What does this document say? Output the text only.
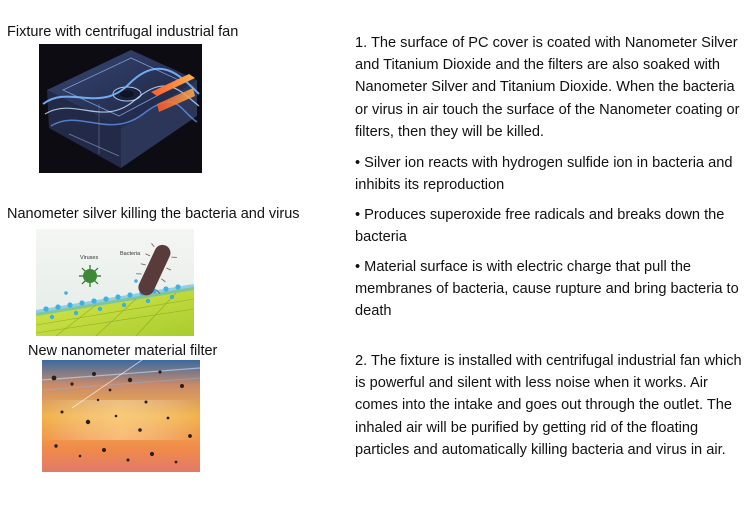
Fixture with centrifugal industrial fan
Nanometer silver killing the bacteria and virus
New nanometer material filter
Viruses
Bacteria

1. The surface of PC cover is coated with Nanometer Silver and Titanium Dioxide and the filters are also soaked with Nanometer Silver and Titanium Dioxide. When the bacteria or virus in air touch the surface of the Nanometer coating or filters, then they will be killed.

• Silver ion reacts with hydrogen sulfide ion in bacteria and inhibits its reproduction

• Produces superoxide free radicals and breaks down the bacteria

• Material surface is with electric charge that pull the membranes of bacteria, cause rupture and bring bacteria to death

2. The fixture is installed with centrifugal industrial fan which is powerful and silent with less noise when it works. Air comes into the intake and goes out through the outlet. The inhaled air will be purified by getting rid of the floating particles and automatically killing bacteria and virus in air.
